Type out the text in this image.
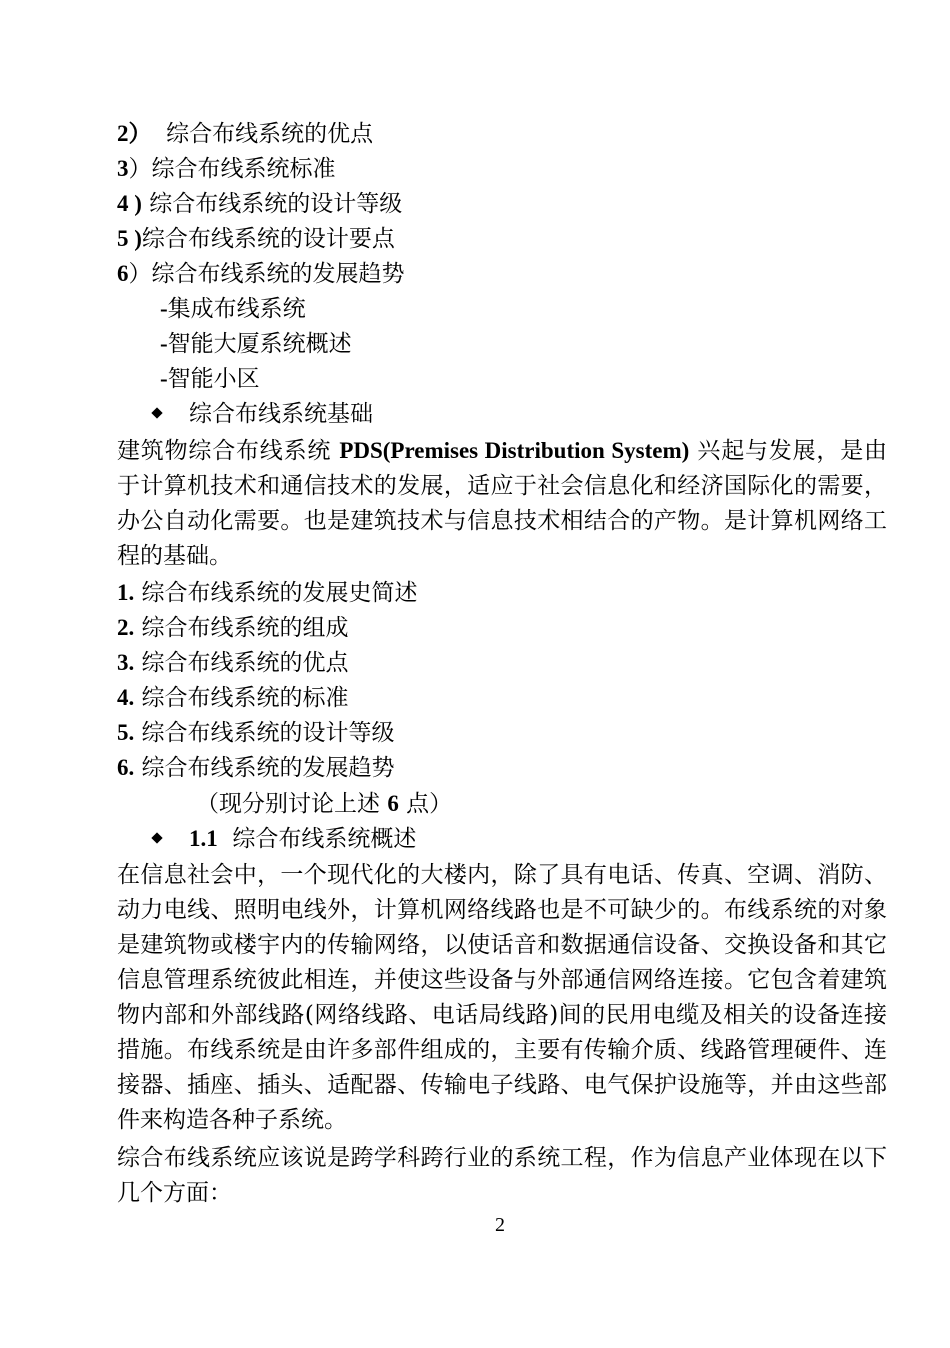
2）  综合布线系统的优点
3）综合布线系统标准
4 ) 综合布线系统的设计等级
5 )综合布线系统的设计要点
6）综合布线系统的发展趋势
-集成布线系统
-智能大厦系统概述
-智能小区
综合布线系统基础
建筑物综合布线系统 PDS(Premises Distribution System) 兴起与发展，是由于计算机技术和通信技术的发展，适应于社会信息化和经济国际化的需要，办公自动化需要。也是建筑技术与信息技术相结合的产物。是计算机网络工程的基础。
1. 综合布线系统的发展史简述
2. 综合布线系统的组成
3. 综合布线系统的优点
4. 综合布线系统的标准
5. 综合布线系统的设计等级
6. 综合布线系统的发展趋势
（现分别讨论上述 6 点）
1.1  综合布线系统概述
在信息社会中，一个现代化的大楼内，除了具有电话、传真、空调、消防、动力电线、照明电线外，计算机网络线路也是不可缺少的。布线系统的对象是建筑物或楼宇内的传输网络，以使话音和数据通信设备、交换设备和其它信息管理系统彼此相连，并使这些设备与外部通信网络连接。它包含着建筑物内部和外部线路(网络线路、电话局线路)间的民用电缆及相关的设备连接措施。布线系统是由许多部件组成的，主要有传输介质、线路管理硬件、连接器、插座、插头、适配器、传输电子线路、电气保护设施等，并由这些部件来构造各种子系统。
综合布线系统应该说是跨学科跨行业的系统工程，作为信息产业体现在以下几个方面：
2
